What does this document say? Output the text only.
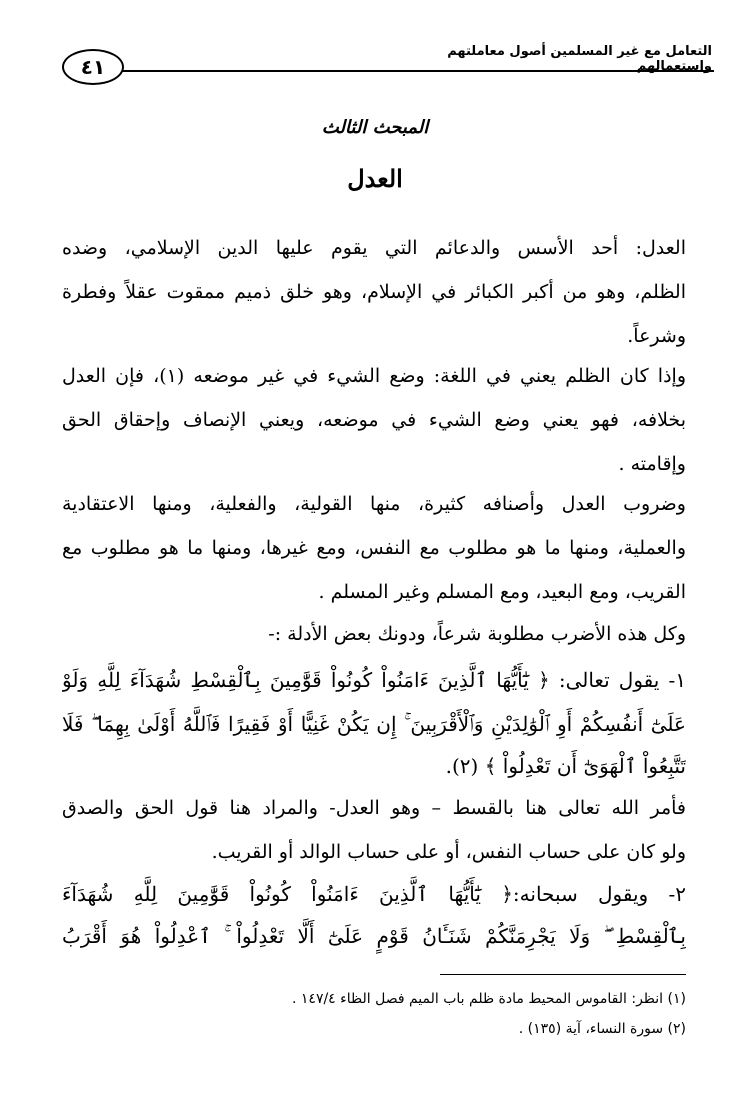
التعامل مع غير المسلمين أصول معاملتهم واستعمالهم
٤١
المبحث الثالث
العدل
العدل: أحد الأسس والدعائم التي يقوم عليها الدين الإسلامي، وضده
الظلم، وهو من أكبر الكبائر في الإسلام، وهو خلق ذميم ممقوت عقلاً وفطرة
وشرعاً.
وإذا كان الظلم يعني في اللغة: وضع الشيء في غير موضعه (١)، فإن العدل
بخلافه، فهو يعني وضع الشيء في موضعه، ويعني الإنصاف وإحقاق الحق
وإقامته .
وضروب العدل وأصنافه كثيرة، منها القولية، والفعلية، ومنها الاعتقادية
والعملية، ومنها ما هو مطلوب مع النفس، ومع غيرها، ومنها ما هو مطلوب مع
القريب، ومع البعيد، ومع المسلم وغير المسلم .
وكل هذه الأضرب مطلوبة شرعاً، ودونك بعض الأدلة :-
١- يقول تعالى: ﴿ يَٰٓأَيُّهَا ٱلَّذِينَ ءَامَنُواْ كُونُواْ قَوَّٰمِينَ بِٱلْقِسْطِ شُهَدَآءَ لِلَّهِ وَلَوْ
عَلَىٰٓ أَنفُسِكُمْ أَوِ ٱلْوَٰلِدَيْنِ وَٱلْأَقْرَبِينَ ۚ إِن يَكُنْ غَنِيًّا أَوْ فَقِيرًا فَٱللَّهُ أَوْلَىٰ بِهِمَا ۖ فَلَا
تَتَّبِعُواْ ٱلْهَوَىٰٓ أَن تَعْدِلُواْ ﴾ (٢).
فأمر الله تعالى هنا بالقسط – وهو العدل- والمراد هنا قول الحق والصدق
ولو كان على حساب النفس، أو على حساب الوالد أو القريب.
٢- ويقول سبحانه:﴿ يَٰٓأَيُّهَا ٱلَّذِينَ ءَامَنُواْ كُونُواْ قَوَّٰمِينَ لِلَّهِ شُهَدَآءَ
بِٱلْقِسْطِ ۖ وَلَا يَجْرِمَنَّكُمْ شَنَـَٔانُ قَوْمٍ عَلَىٰٓ أَلَّا تَعْدِلُواْ ۚ ٱعْدِلُواْ هُوَ أَقْرَبُ
(١) انظر: القاموس المحيط مادة ظلم باب الميم فصل الظاء ١٤٧/٤ .
(٢) سورة النساء، آية (١٣٥) .
